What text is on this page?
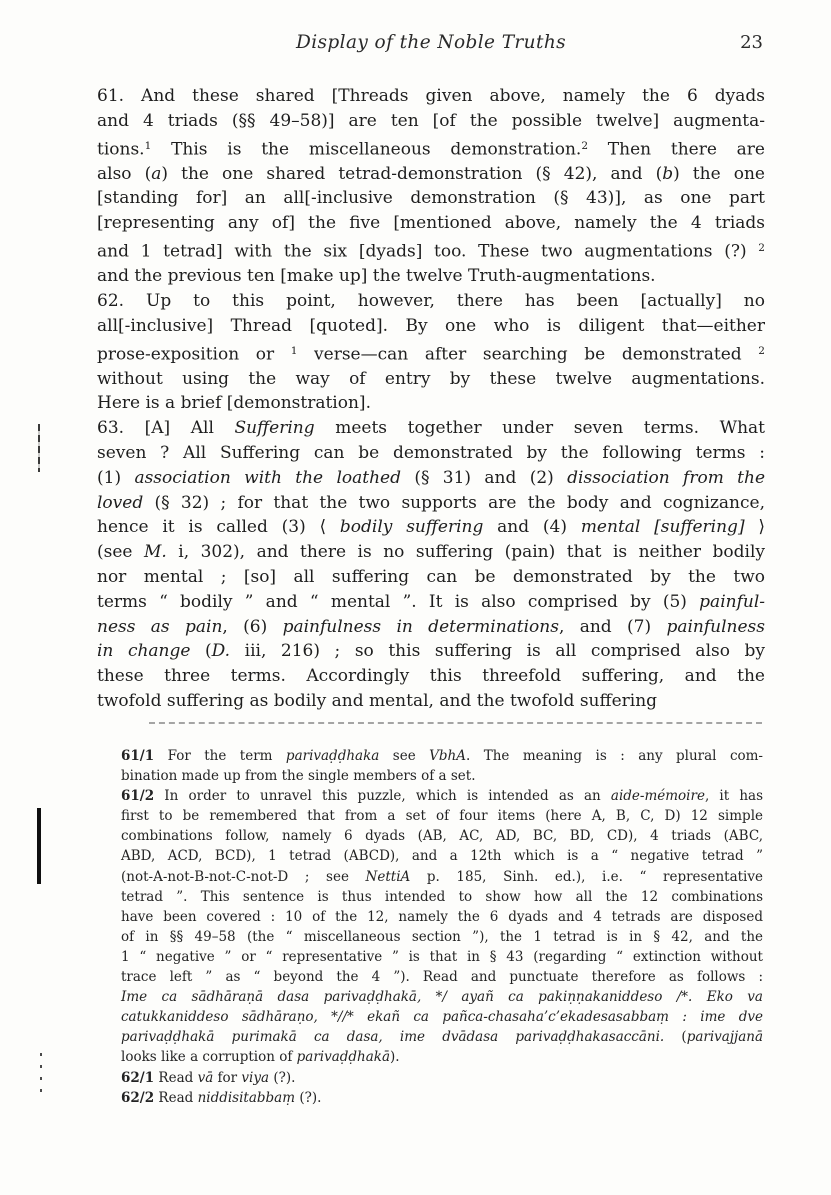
Display of the Noble Truths	23
61. And these shared [Threads given above, namely the 6 dyads
and 4 triads (§§ 49–58)] are ten [of the possible twelve] augmenta-
tions.$^1$ This is the miscellaneous demonstration.$^2$ Then there are
also (a) the one shared tetrad-demonstration (§ 42), and (b) the one
[standing for] an all[-inclusive demonstration (§ 43)], as one part
[representing any of] the five [mentioned above, namely the 4 triads
and 1 tetrad] with the six [dyads] too. These two augmentations (?) $^2$
and the previous ten [make up] the twelve Truth-augmentations.
62. Up to this point, however, there has been [actually] no
all[-inclusive] Thread [quoted]. By one who is diligent that—either
prose-exposition or $^1$ verse—can after searching be demonstrated $^2$
without using the way of entry by these twelve augmentations.
Here is a brief [demonstration].
63. [A] All Suffering meets together under seven terms. What
seven ? All Suffering can be demonstrated by the following terms :
(1) association with the loathed (§ 31) and (2) dissociation from the
loved (§ 32) ; for that the two supports are the body and cognizance,
hence it is called (3) ⟨ bodily suffering and (4) mental [suffering] ⟩
(see M. i, 302), and there is no suffering (pain) that is neither bodily
nor mental ; [so] all suffering can be demonstrated by the two
terms “ bodily ” and “ mental ”. It is also comprised by (5) painful-
ness as pain, (6) painfulness in determinations, and (7) painfulness
in change (D. iii, 216) ; so this suffering is all comprised also by
these three terms. Accordingly this threefold suffering, and the
twofold suffering as bodily and mental, and the twofold suffering
61/1 For the term parivaḍḍhaka see VbhA. The meaning is : any plural com-
bination made up from the single members of a set.
61/2 In order to unravel this puzzle, which is intended as an aide-mémoire, it has
first to be remembered that from a set of four items (here A, B, C, D) 12 simple
combinations follow, namely 6 dyads (AB, AC, AD, BC, BD, CD), 4 triads (ABC,
ABD, ACD, BCD), 1 tetrad (ABCD), and a 12th which is a “ negative tetrad ”
(not-A-not-B-not-C-not-D ; see NettiA p. 185, Sinh. ed.), i.e. “ representative
tetrad ”. This sentence is thus intended to show how all the 12 combinations
have been covered : 10 of the 12, namely the 6 dyads and 4 tetrads are disposed
of in §§ 49–58 (the “ miscellaneous section ”), the 1 tetrad is in § 42, and the
1 “ negative ” or “ representative ” is that in § 43 (regarding “ extinction without
trace left ” as “ beyond the 4 ”). Read and punctuate therefore as follows :
Ime ca sādhāraṇā dasa parivaḍḍhakā, */ ayañ ca pakiṇṇakaniddeso /*. Eko va
catukkaniddeso sādhāraṇo, *//* ekañ ca pañca-chasaha’c’ekadesasabbaṃ : ime dve
parivaḍḍhakā purimakā ca dasa, ime dvādasa parivaḍḍhakasaccāni. (parivajjanā
looks like a corruption of parivaḍḍhakā).
62/1 Read vā for viya (?).
62/2 Read niddisitabbaṃ (?).
